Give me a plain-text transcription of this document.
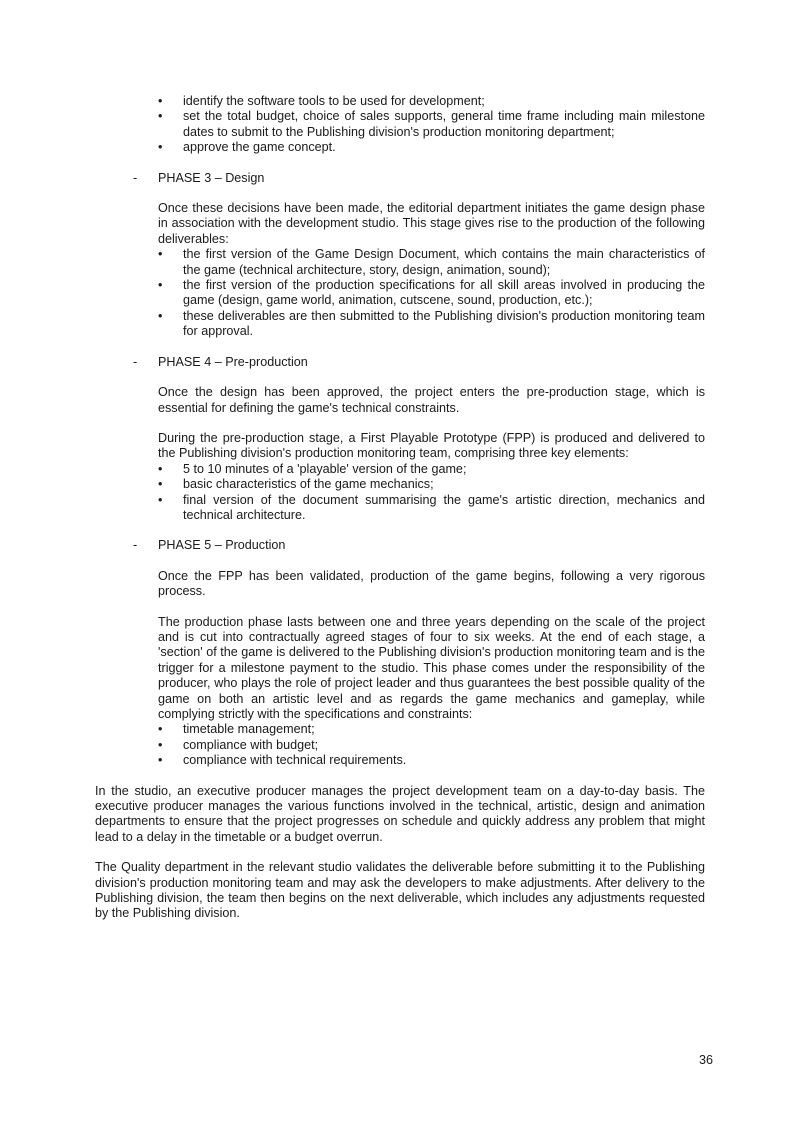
• identify the software tools to be used for development;
• set the total budget, choice of sales supports, general time frame including main milestone dates to submit to the Publishing division's production monitoring department;
• approve the game concept.
- PHASE 3 – Design

Once these decisions have been made, the editorial department initiates the game design phase in association with the development studio. This stage gives rise to the production of the following deliverables:

• the first version of the Game Design Document, which contains the main characteristics of the game (technical architecture, story, design, animation, sound);
• the first version of the production specifications for all skill areas involved in producing the game (design, game world, animation, cutscene, sound, production, etc.);
• these deliverables are then submitted to the Publishing division's production monitoring team for approval.
- PHASE 4 – Pre-production

Once the design has been approved, the project enters the pre-production stage, which is essential for defining the game's technical constraints.

During the pre-production stage, a First Playable Prototype (FPP) is produced and delivered to the Publishing division's production monitoring team, comprising three key elements:

• 5 to 10 minutes of a 'playable' version of the game;
• basic characteristics of the game mechanics;
• final version of the document summarising the game's artistic direction, mechanics and technical architecture.
- PHASE 5 – Production

Once the FPP has been validated, production of the game begins, following a very rigorous process.

The production phase lasts between one and three years depending on the scale of the project and is cut into contractually agreed stages of four to six weeks. At the end of each stage, a 'section' of the game is delivered to the Publishing division's production monitoring team and is the trigger for a milestone payment to the studio. This phase comes under the responsibility of the producer, who plays the role of project leader and thus guarantees the best possible quality of the game on both an artistic level and as regards the game mechanics and gameplay, while complying strictly with the specifications and constraints:

• timetable management;
• compliance with budget;
• compliance with technical requirements.

In the studio, an executive producer manages the project development team on a day-to-day basis. The executive producer manages the various functions involved in the technical, artistic, design and animation departments to ensure that the project progresses on schedule and quickly address any problem that might lead to a delay in the timetable or a budget overrun.

The Quality department in the relevant studio validates the deliverable before submitting it to the Publishing division's production monitoring team and may ask the developers to make adjustments. After delivery to the Publishing division, the team then begins on the next deliverable, which includes any adjustments requested by the Publishing division.

36
